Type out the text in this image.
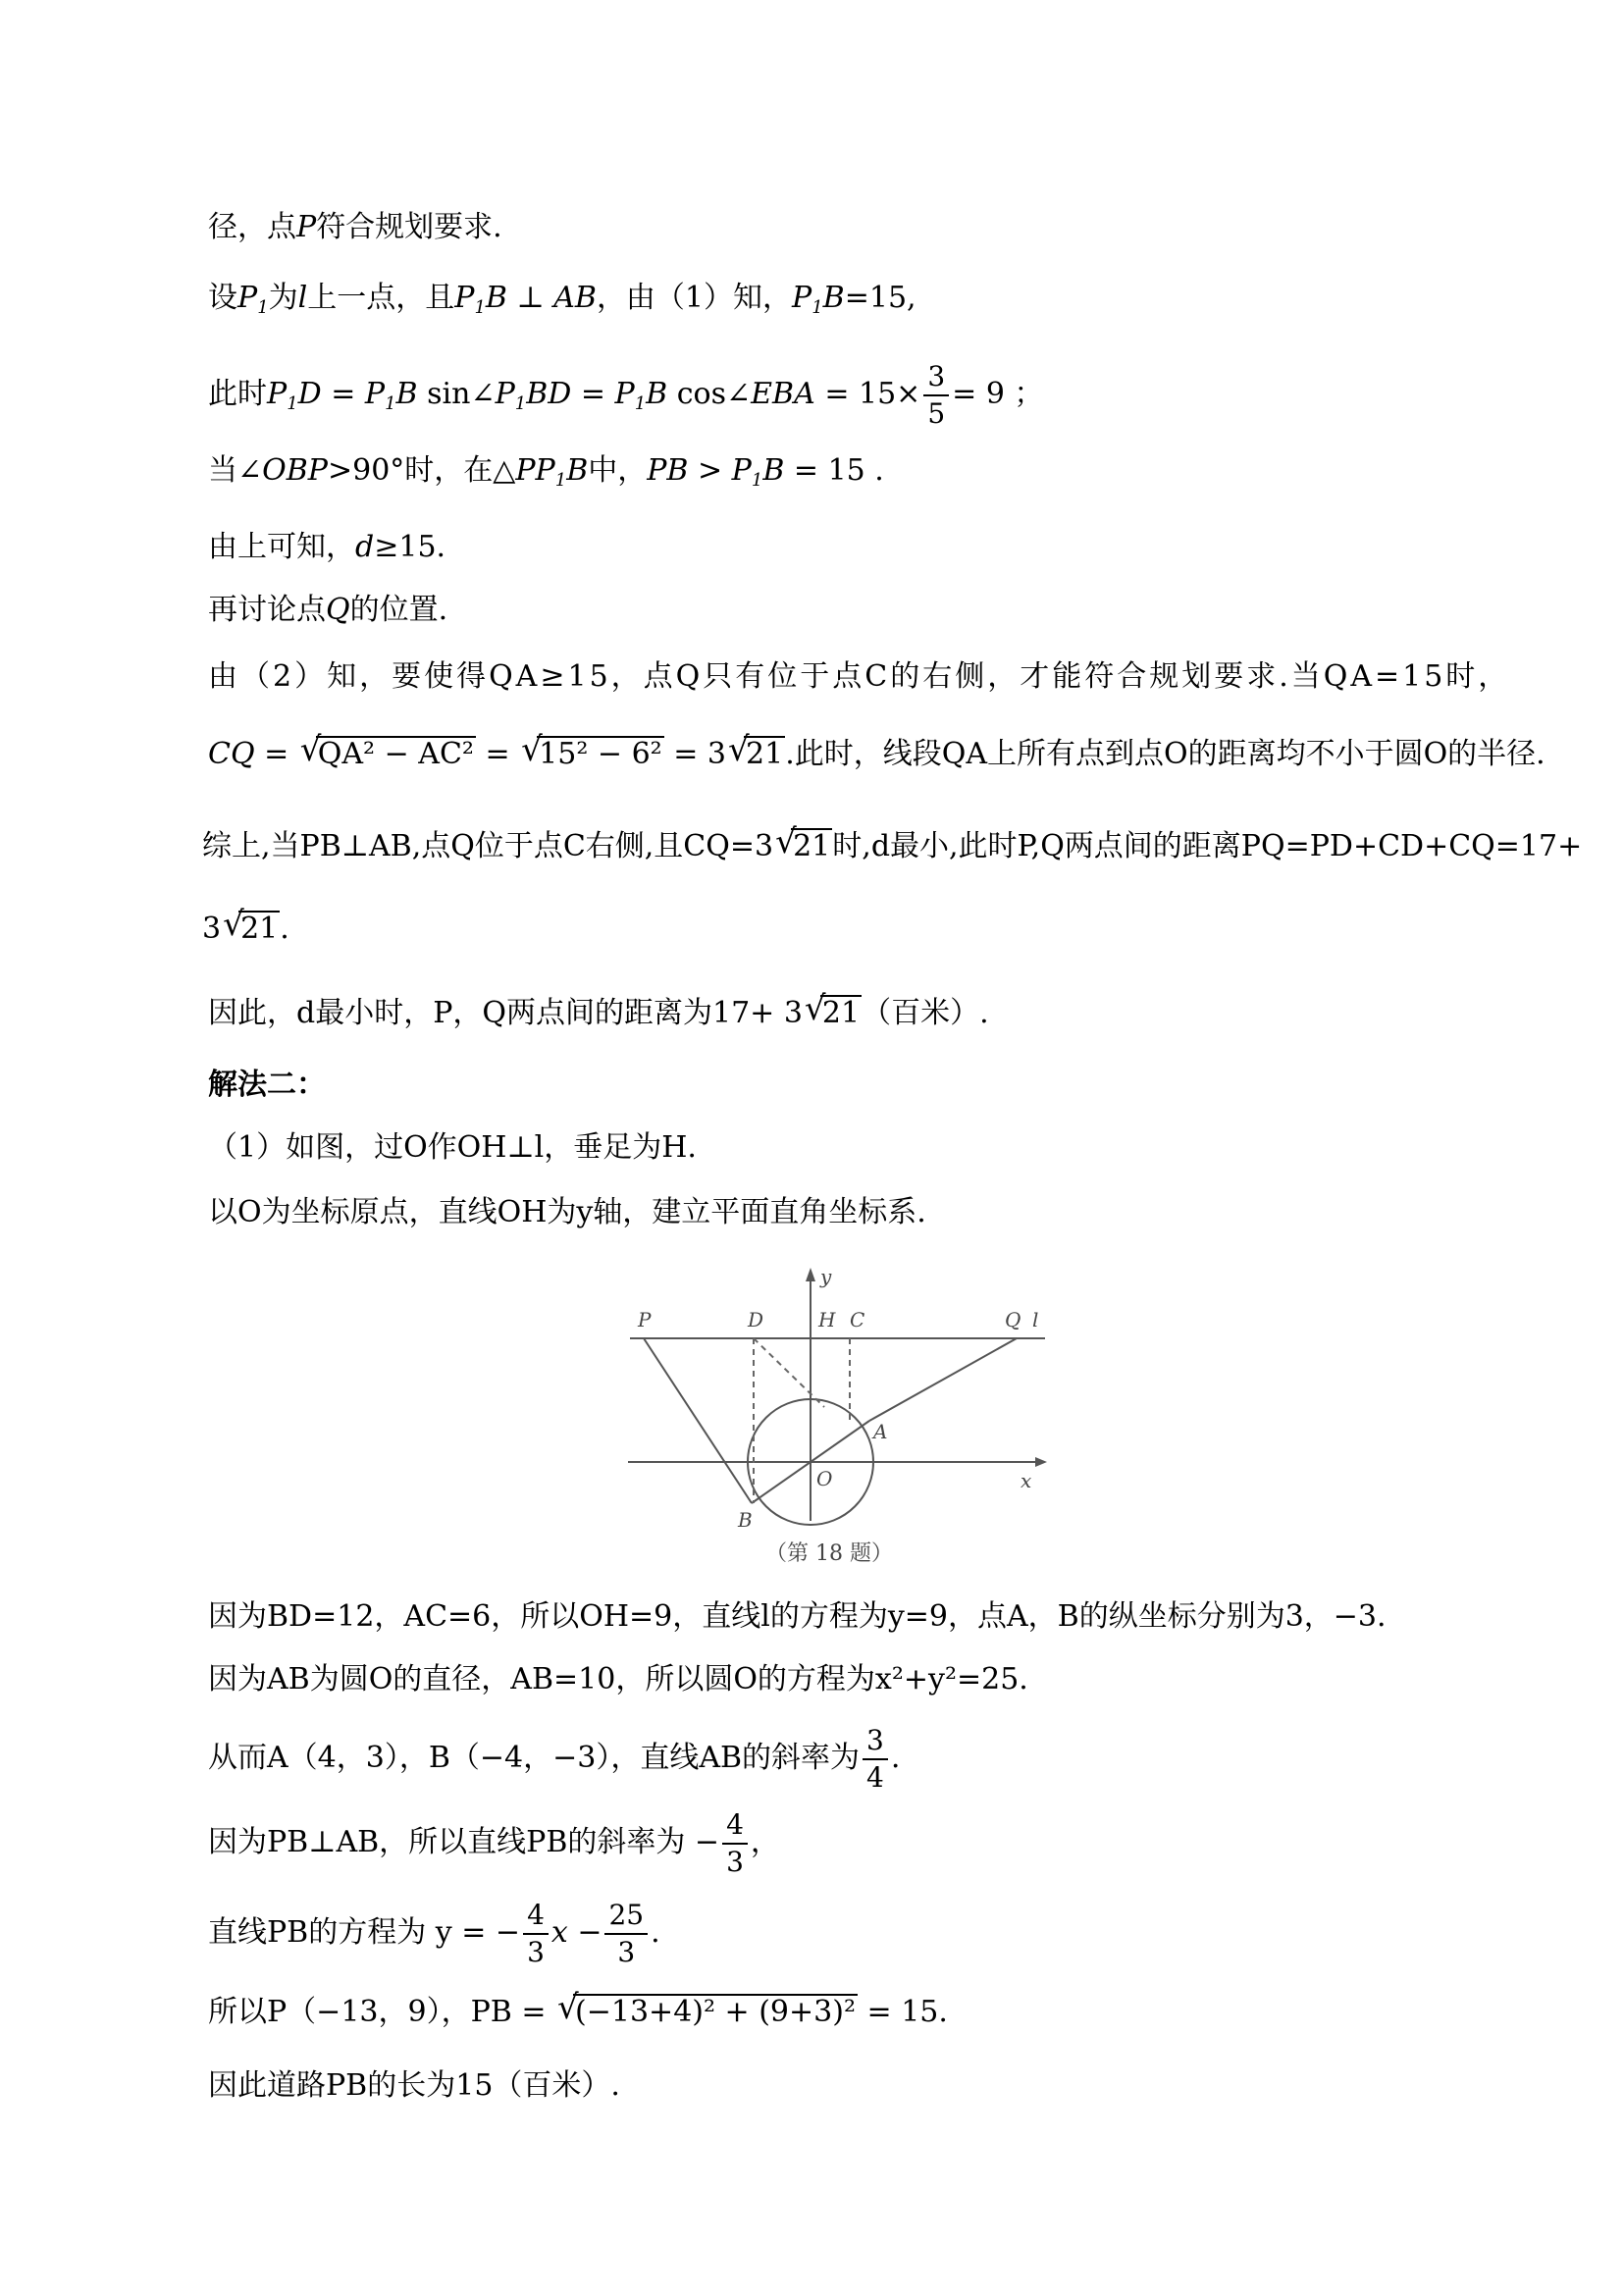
径，点P符合规划要求.
设$P_1$为l上一点，且$P_1B$ ⊥ AB，由（1）知，$P_1B=15$,
此时$P_1D = P_1B$ $\sin\angle P_1BD = P_1B$ cos∠EBA = $15\times \frac{3}{5} = 9$ ；
当∠OBP>90°时，在$\triangle PP_1B$中，PB > $P_1B = 15$ .
由上可知，d≥15.
再讨论点Q的位置.
由（2）知，要使得QA≥15，点Q只有位于点C的右侧，才能符合规划要求.当QA=15时，
CQ = √ QA² − AC² = √ 15² − 6² = 3 √ 21.此时，线段QA上所有点到点O的距离均不小于圆O的半径.
综上,当PB⊥AB,点Q位于点C右侧,且CQ=3 √ 21时,d最小,此时P,Q两点间的距离PQ=PD+CD+CQ=17+
3 √ 21.
因此，d最小时，P，Q两点间的距离为17+ 3 √ 21（百米）.
解法二：
（1）如图，过O作OH⊥l，垂足为H.
以O为坐标原点，直线OH为y轴，建立平面直角坐标系.
P	D	H C	Q l
y
x
O
A
B
（第 18 题）
因为BD=12，AC=6，所以OH=9，直线l的方程为y=9，点A，B的纵坐标分别为3，−3.
因为AB为圆O的直径，AB=10，所以圆O的方程为x²+y²=25.
从而A（4，3），B（−4，−3），直线AB的斜率为 $\frac{3}{4}$ .
因为PB⊥AB，所以直线PB的斜率为 − $\frac{4}{3}$ ，
直线PB的方程为 y = − $\frac{4}{3}$ $x - \frac{25}{3}$ .
所以P（−13，9），PB = √ (−13+4)² + (9+3)² = 15.
因此道路PB的长为15（百米）.
